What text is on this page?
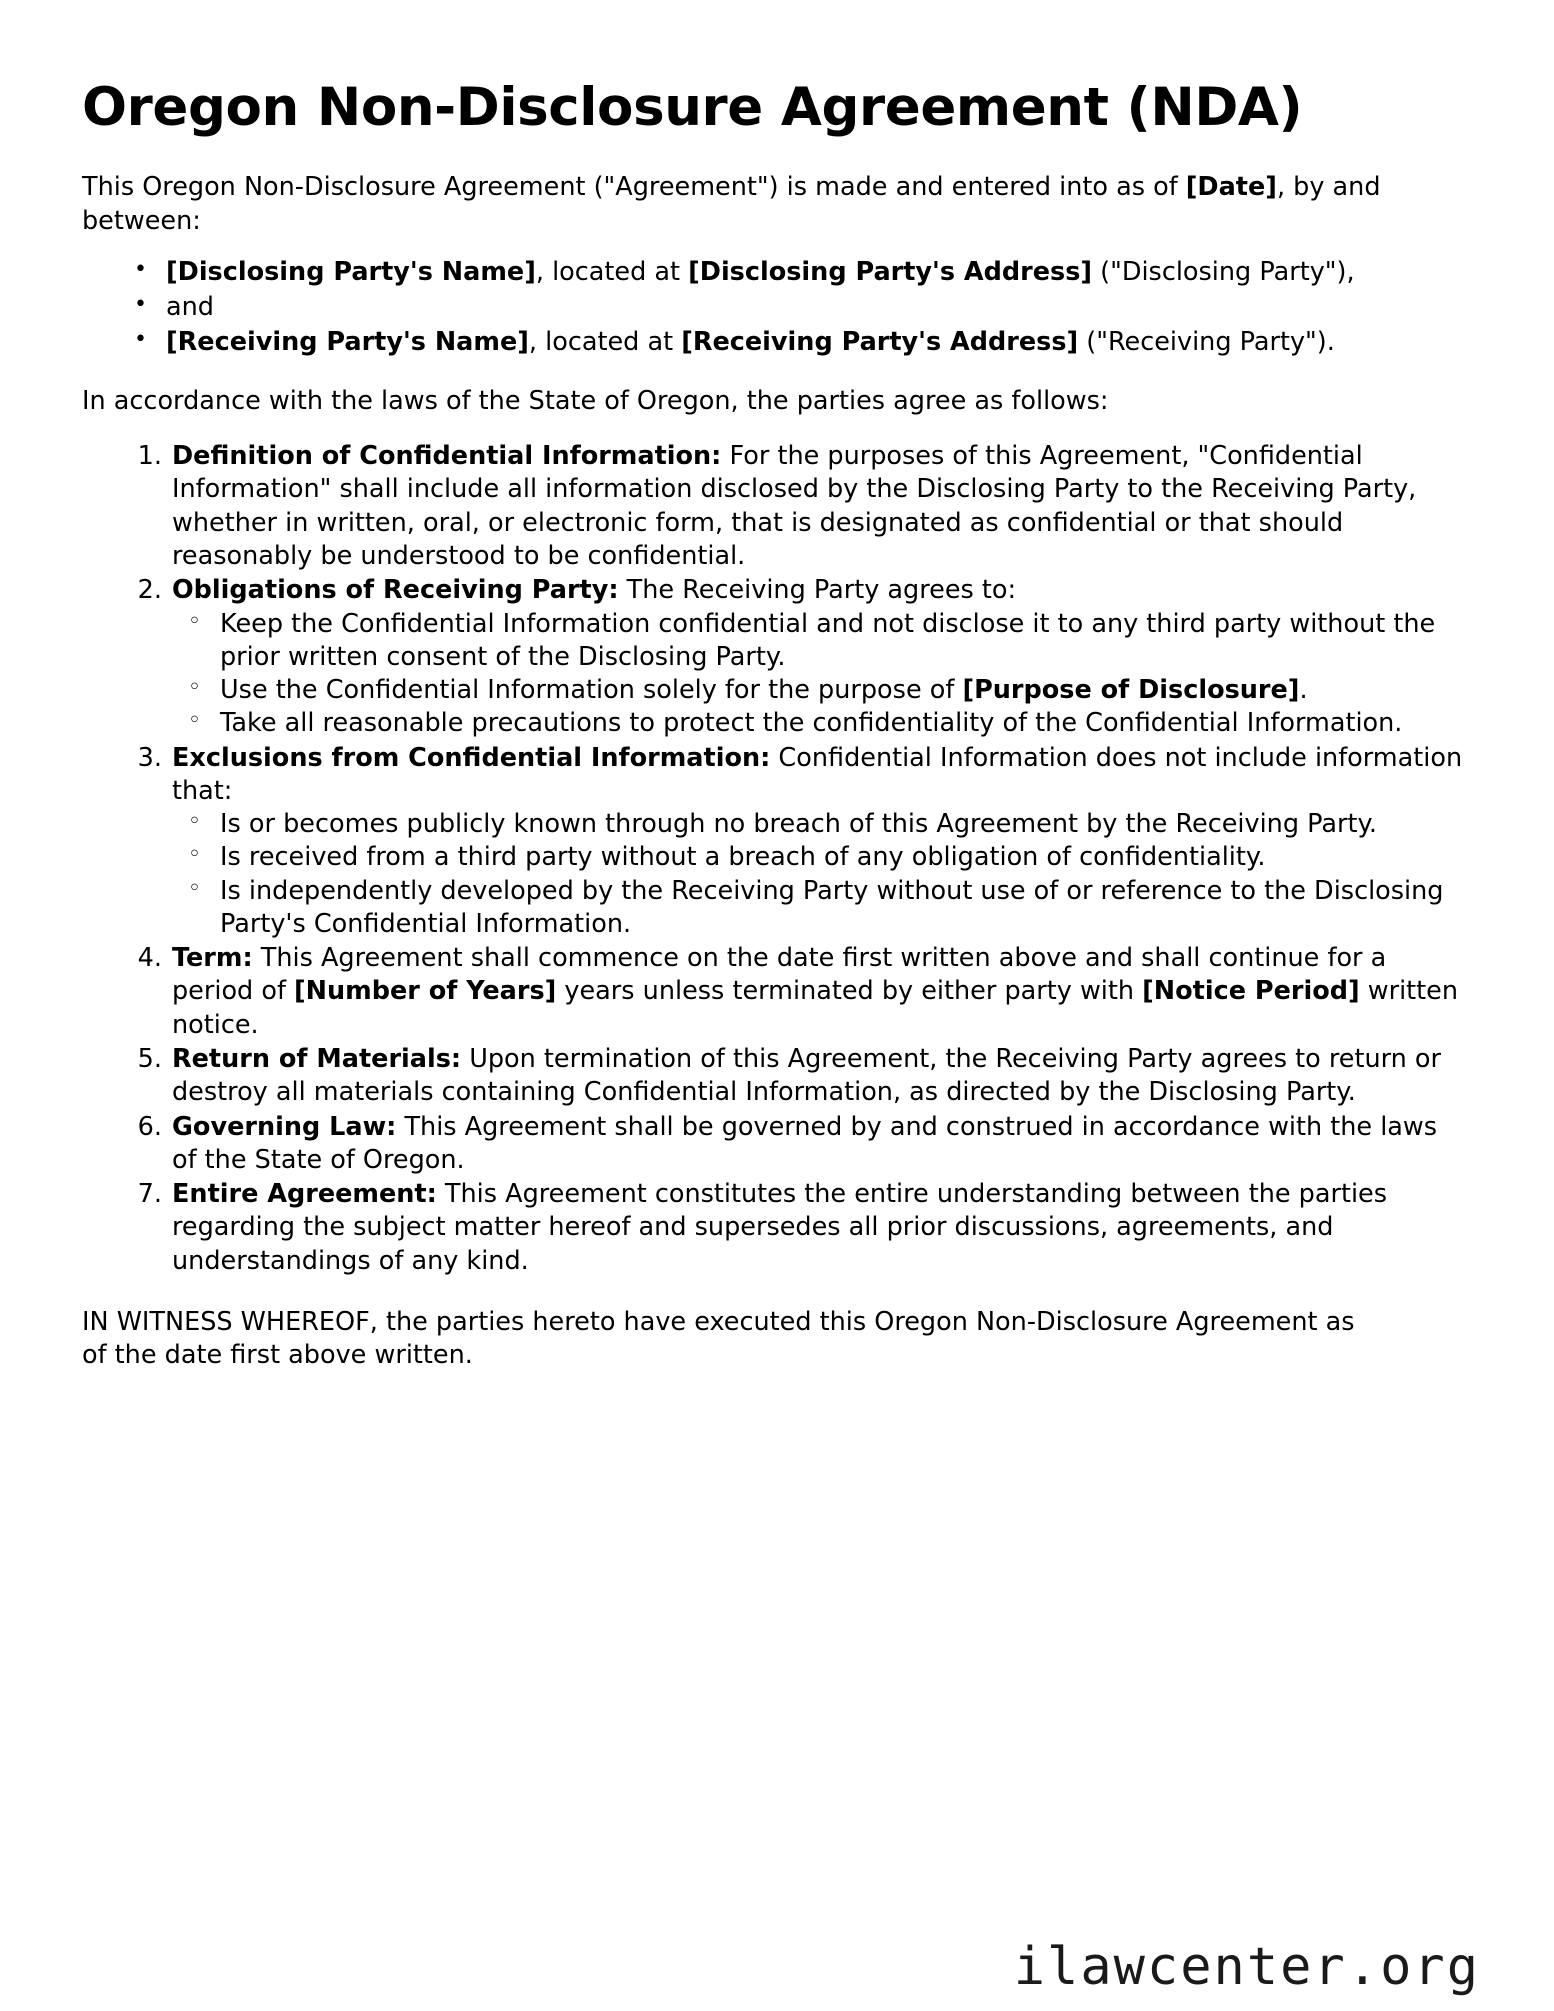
Oregon Non-Disclosure Agreement (NDA)

This Oregon Non-Disclosure Agreement ("Agreement") is made and entered into as of [Date], by and between:

• [Disclosing Party's Name], located at [Disclosing Party's Address] ("Disclosing Party"),
• and
• [Receiving Party's Name], located at [Receiving Party's Address] ("Receiving Party").

In accordance with the laws of the State of Oregon, the parties agree as follows:

Definition of Confidential Information: For the purposes of this Agreement, "Confidential Information" shall include all information disclosed by the Disclosing Party to the Receiving Party, whether in written, oral, or electronic form, that is designated as confidential or that should reasonably be understood to be confidential.
Obligations of Receiving Party: The Receiving Party agrees to:
◦ Keep the Confidential Information confidential and not disclose it to any third party without the prior written consent of the Disclosing Party.
◦ Use the Confidential Information solely for the purpose of [Purpose of Disclosure].
◦ Take all reasonable precautions to protect the confidentiality of the Confidential Information.
Exclusions from Confidential Information: Confidential Information does not include information that:
◦ Is or becomes publicly known through no breach of this Agreement by the Receiving Party.
◦ Is received from a third party without a breach of any obligation of confidentiality.
◦ Is independently developed by the Receiving Party without use of or reference to the Disclosing Party's Confidential Information.
Term: This Agreement shall commence on the date first written above and shall continue for a period of [Number of Years] years unless terminated by either party with [Notice Period] written notice.
Return of Materials: Upon termination of this Agreement, the Receiving Party agrees to return or destroy all materials containing Confidential Information, as directed by the Disclosing Party.
Governing Law: This Agreement shall be governed by and construed in accordance with the laws of the State of Oregon.
Entire Agreement: This Agreement constitutes the entire understanding between the parties regarding the subject matter hereof and supersedes all prior discussions, agreements, and understandings of any kind.

IN WITNESS WHEREOF, the parties hereto have executed this Oregon Non-Disclosure Agreement as of the date first above written.

ilawcenter.org
